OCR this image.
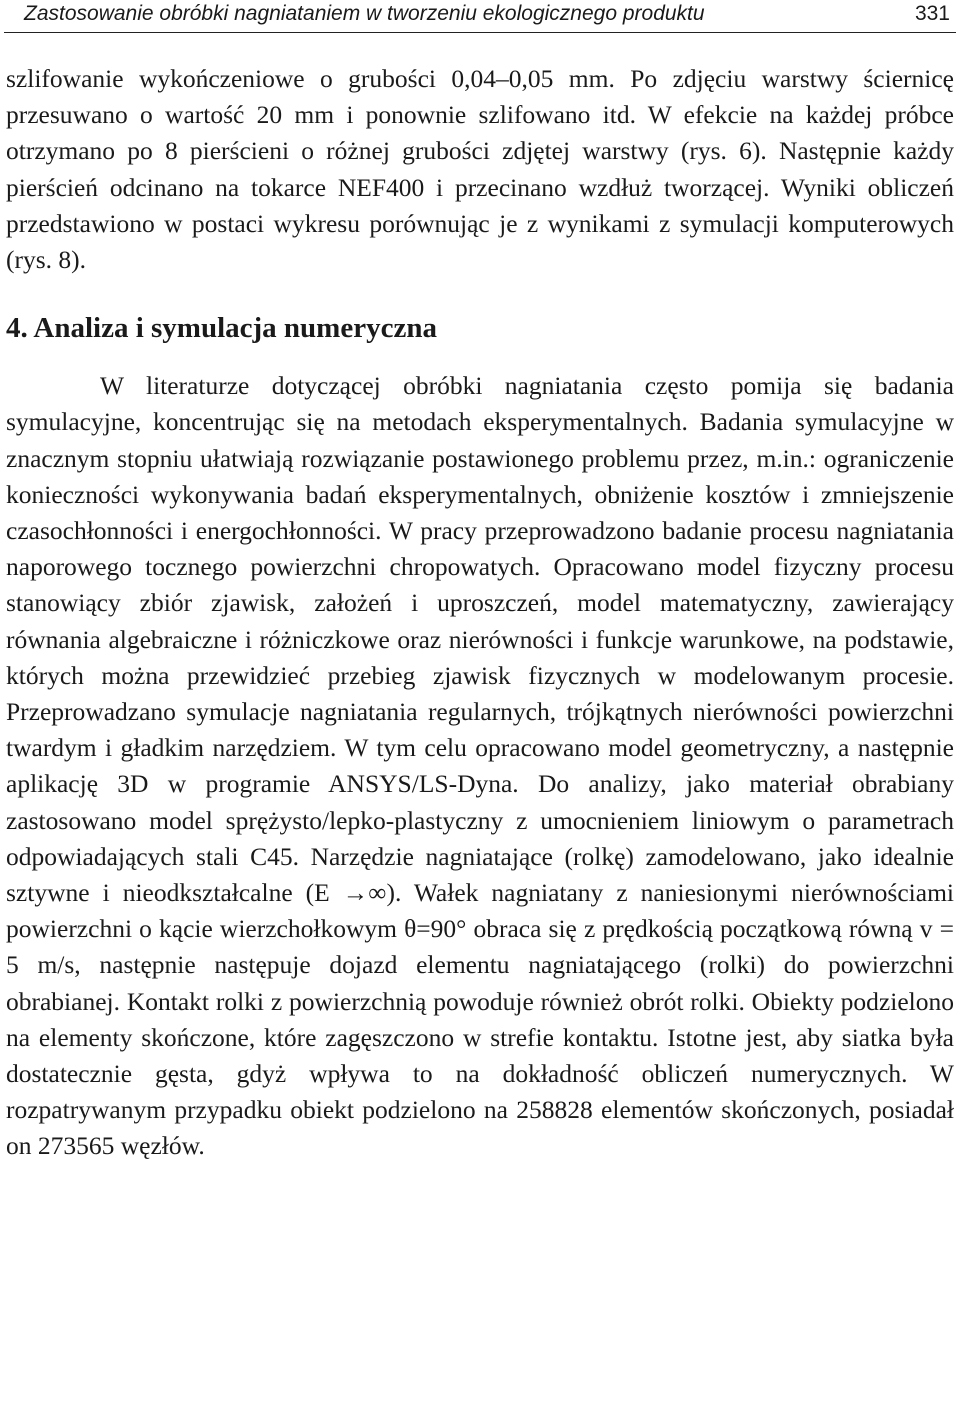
Zastosowanie obróbki nagniataniem w tworzeniu ekologicznego produktu	331

szlifowanie wykończeniowe o grubości 0,04–0,05 mm. Po zdjęciu warstwy ściernicę przesuwano o wartość 20 mm i ponownie szlifowano itd. W efekcie na każdej próbce otrzymano po 8 pierścieni o różnej grubości zdjętej warstwy (rys. 6). Następnie każdy pierścień odcinano na tokarce NEF400 i przecinano wzdłuż tworzącej. Wyniki obliczeń przedstawiono w postaci wykresu porównując je z wynikami z symulacji komputerowych (rys. 8).

4. Analiza i symulacja numeryczna

W literaturze dotyczącej obróbki nagniatania często pomija się badania symulacyjne, koncentrując się na metodach eksperymentalnych. Badania symulacyjne w znacznym stopniu ułatwiają rozwiązanie postawionego problemu przez, m.in.: ograniczenie konieczności wykonywania badań eksperymentalnych, obniżenie kosztów i zmniejszenie czasochłonności i energochłonności. W pracy przeprowadzono badanie procesu nagniatania naporowego tocznego powierzchni chropowatych. Opracowano model fizyczny procesu stanowiący zbiór zjawisk, założeń i uproszczeń, model matematyczny, zawierający równania algebraiczne i różniczkowe oraz nierówności i funkcje warunkowe, na podstawie, których można przewidzieć przebieg zjawisk fizycznych w modelowanym procesie. Przeprowadzano symulacje nagniatania regularnych, trójkątnych nierówności powierzchni twardym i gładkim narzędziem. W tym celu opracowano model geometryczny, a następnie aplikację 3D w programie ANSYS/LS-Dyna. Do analizy, jako materiał obrabiany zastosowano model sprężysto/lepko-plastyczny z umocnieniem liniowym o parametrach odpowiadających stali C45. Narzędzie nagniatające (rolkę) zamodelowano, jako idealnie sztywne i nieodkształcalne (E →∞). Wałek nagniatany z naniesionymi nierównościami powierzchni o kącie wierzchołkowym θ=90° obraca się z prędkością początkową równą v = 5 m/s, następnie następuje dojazd elementu nagniatającego (rolki) do powierzchni obrabianej. Kontakt rolki z powierzchnią powoduje również obrót rolki. Obiekty podzielono na elementy skończone, które zagęszczono w strefie kontaktu. Istotne jest, aby siatka była dostatecznie gęsta, gdyż wpływa to na dokładność obliczeń numerycznych. W rozpatrywanym przypadku obiekt podzielono na 258828 elementów skończonych, posiadał on 273565 węzłów.
